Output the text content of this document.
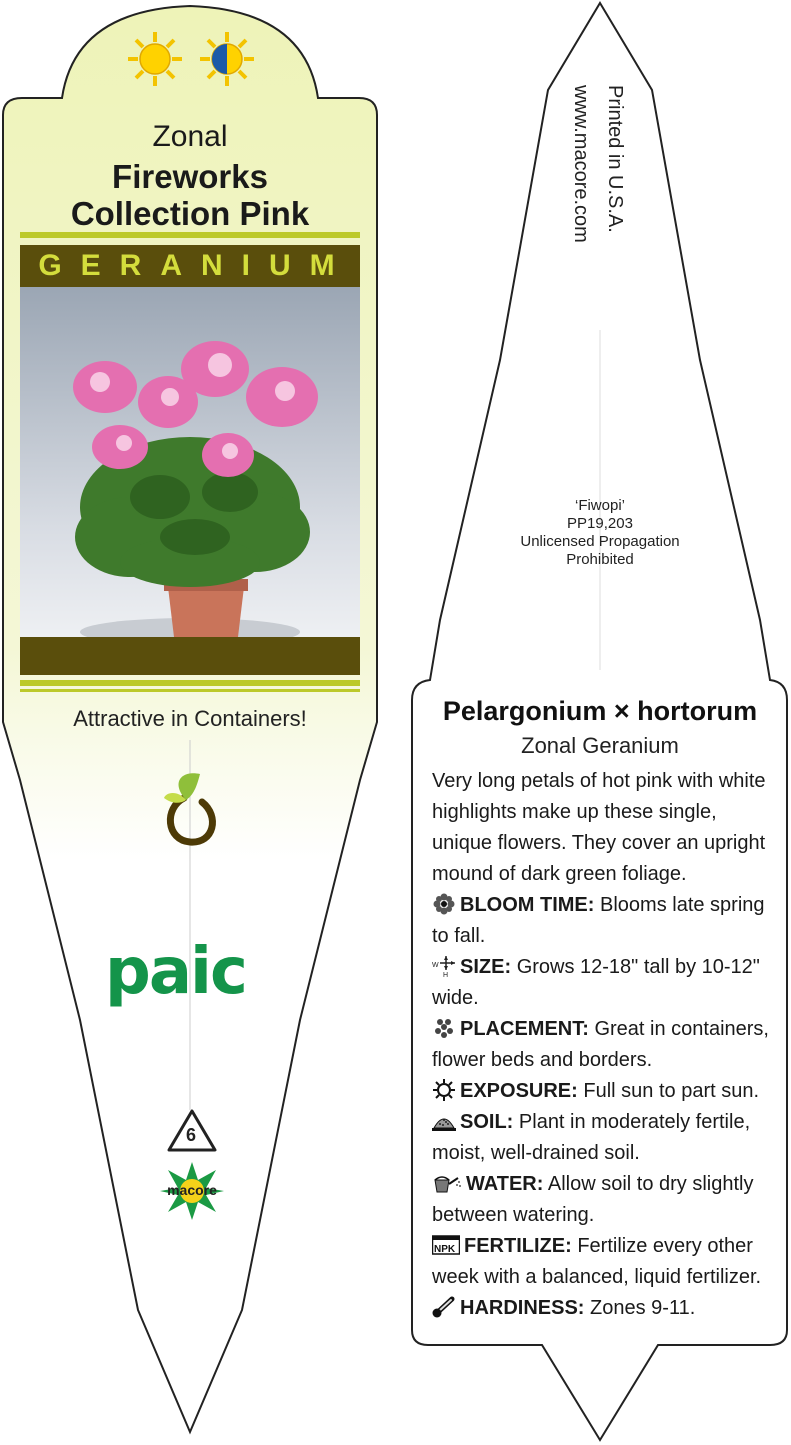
Zonal
Fireworks
Collection Pink
GERANIUM
Attractive in Containers!
paic
6
macore
Printed in U.S.A.
www.macore.com
‘Fiwopi’
PP19,203
Unlicensed Propagation
Prohibited
Pelargonium × hortorum
Zonal Geranium

Very long petals of hot pink with white highlights make up these single, unique flowers. They cover an upright mound of dark green foliage.

BLOOM TIME: Blooms late spring to fall.

W
H SIZE: Grows 12-18" tall by 10-12" wide.

PLACEMENT: Great in containers, flower beds and borders.

EXPOSURE: Full sun to part sun.

SOIL: Plant in moderately fertile, moist, well-drained soil.

WATER: Allow soil to dry slightly between watering.

NPK FERTILIZE: Fertilize every other week with a balanced, liquid fertilizer.

HARDINESS: Zones 9-11.
